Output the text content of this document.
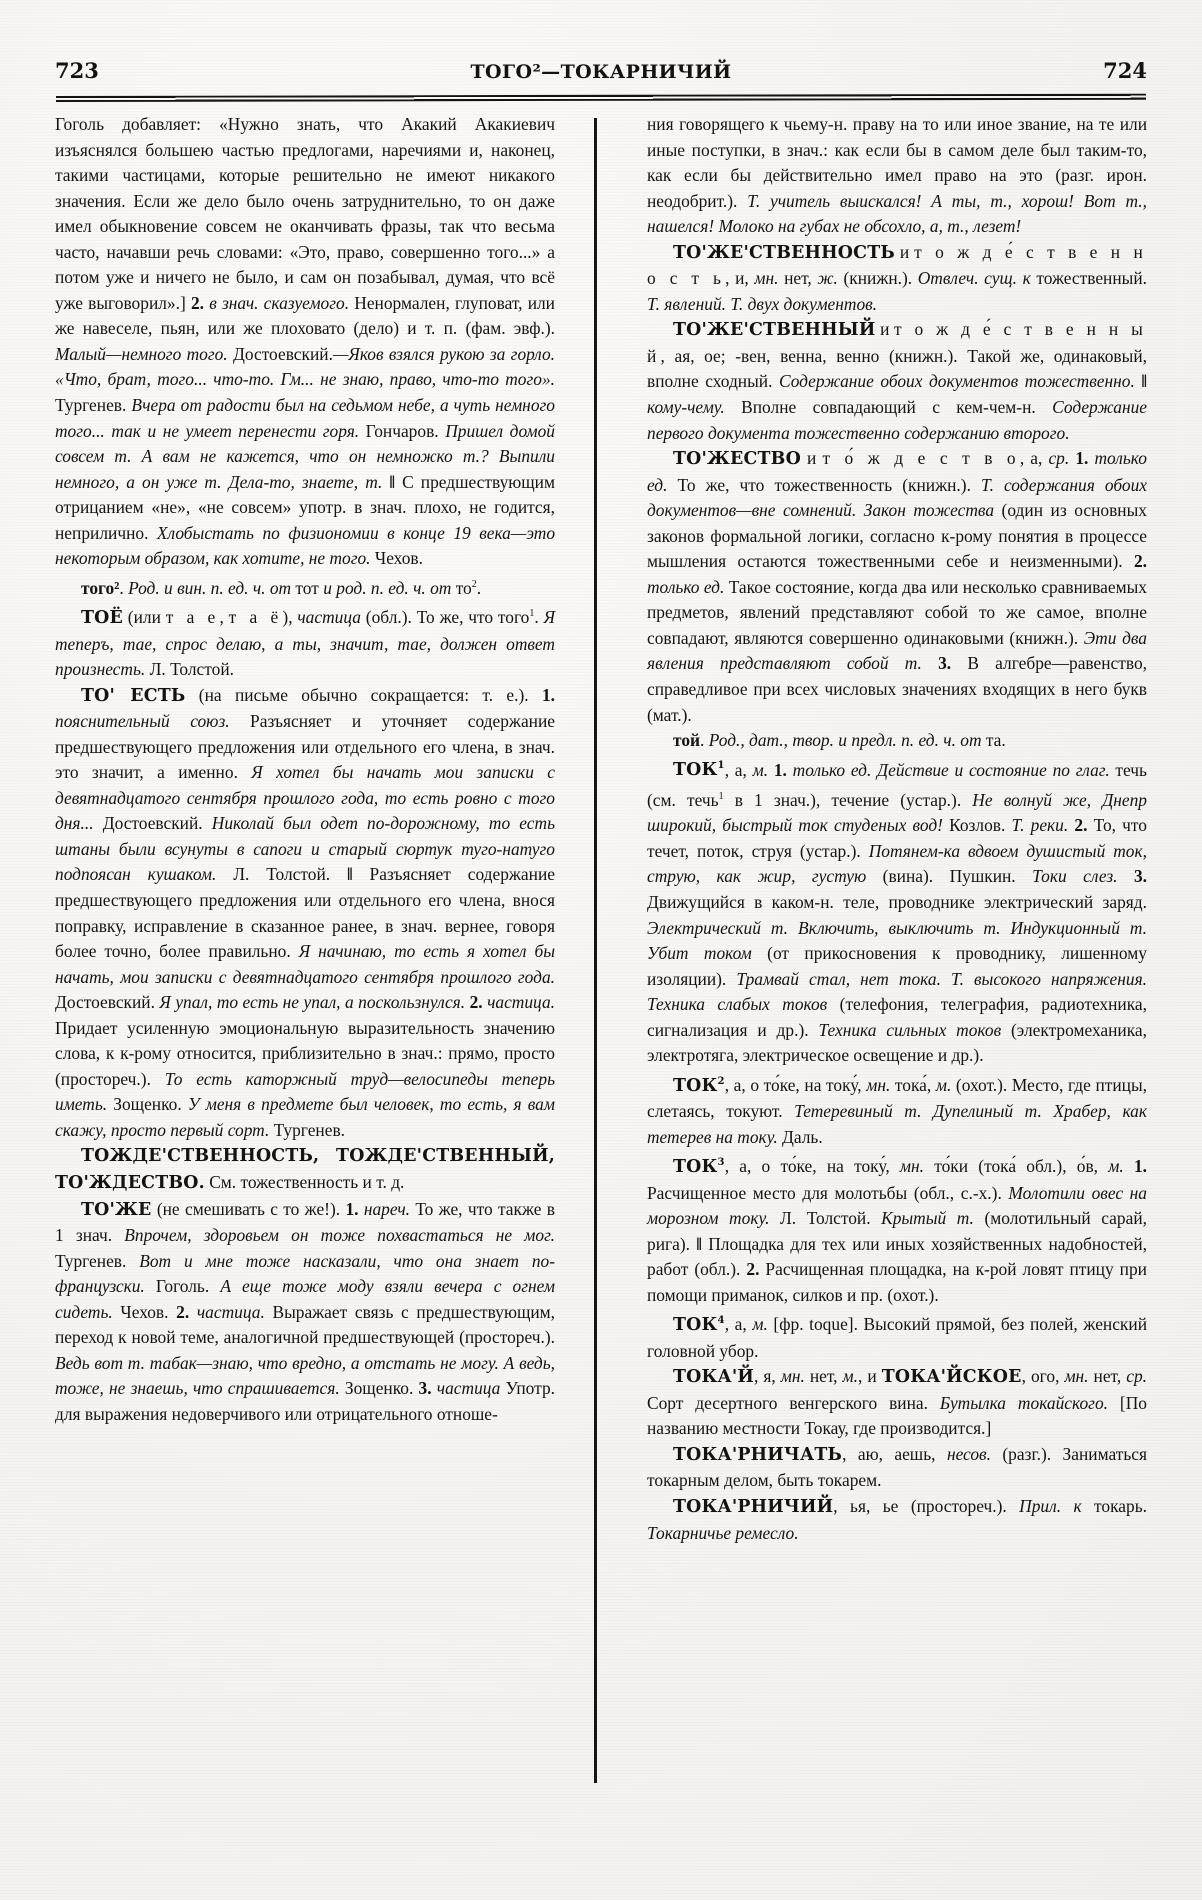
723	ТОГО²—ТОКАРНИЧИЙ	724

Гоголь добавляет: «Нужно знать, что Акакий Акакиевич изъяснялся большею частью предлогами, наречиями и, наконец, такими частицами, которые решительно не имеют никакого значения. Если же дело было очень затруднительно, то он даже имел обыкновение совсем не оканчивать фразы, так что весьма часто, начавши речь словами: «Это, право, совершенно того...» а потом уже и ничего не было, и сам он позабывал, думая, что всё уже выговорил».] 2. в знач. сказуемого. Ненормален, глуповат, или же навеселе, пьян, или же плоховато (дело) и т. п. (фам. эвф.). Малый—немного того. Достоевский.—Яков взялся рукою за горло. «Что, брат, того... что-то. Гм... не знаю, право, что-то того». Тургенев. Вчера от радости был на седьмом небе, а чуть немного того... так и не умеет перенести горя. Гончаров. Пришел домой совсем т. А вам не кажется, что он немножко т.? Выпили немного, а он уже т. Дела-то, знаете, т. ‖ С предшествующим отрицанием «не», «не совсем» употр. в знач. плохо, не годится, неприлично. Хлобыстать по физиономии в конце 19 века—это некоторым образом, как хотите, не того. Чехов.

того². Род. и вин. п. ед. ч. от тот и род. п. ед. ч. от $то^2$.

ТОЁ (или т а е, т а ё), частица (обл.). То же, что того$^1$. Я теперъ, тае, спрос делаю, а ты, значит, тае, должен ответ произнесть. Л. Толстой.

ТО' ЕСТЬ (на письме обычно сокращается: т. е.). 1. пояснительный союз. Разъясняет и уточняет содержание предшествующего предложения или отдельного его члена, в знач. это значит, а именно. Я хотел бы начать мои записки с девятнадцатого сентября прошлого года, то есть ровно с того дня... Достоевский. Николай был одет по-дорожному, то есть штаны были всунуты в сапоги и старый сюртук туго-натуго подпоясан кушаком. Л. Толстой. ‖ Разъясняет содержание предшествующего предложения или отдельного его члена, внося поправку, исправление в сказанное ранее, в знач. вернее, говоря более точно, более правильно. Я начинаю, то есть я хотел бы начать, мои записки с девятнадцатого сентября прошлого года. Достоевский. Я упал, то есть не упал, а поскользнулся. 2. частица. Придает усиленную эмоциональную выразительность значению слова, к к-рому относится, приблизительно в знач.: прямо, просто (простореч.). То есть каторжный труд—велосипеды теперь иметь. Зощенко. У меня в предмете был человек, то есть, я вам скажу, просто первый сорт. Тургенев.

ТОЖДЕ'СТВЕННОСТЬ, ТОЖДЕ'СТВЕННЫЙ, ТО'ЖДЕСТВО. См. тожественность и т. д.

ТО'ЖЕ (не смешивать с то же!). 1. нареч. То же, что также в 1 знач. Впрочем, здоровьем он тоже похвастаться не мог. Тургенев. Вот и мне тоже насказали, что она знает по-французски. Гоголь. А еще тоже моду взяли вечера с огнем сидеть. Чехов. 2. частица. Выражает связь с предшествующим, переход к новой теме, аналогичной предшествующей (простореч.). Ведь вот т. табак—знаю, что вредно, а отстать не могу. А ведь, тоже, не знаешь, что спрашивается. Зощенко. 3. частица Употр. для выражения недоверчивого или отрицательного отноше-

ния говорящего к чьему-н. праву на то или иное звание, на те или иные поступки, в знач.: как если бы в самом деле был таким-то, как если бы действительно имел право на это (разг. ирон. неодобрит.). Т. учитель выискался! А ты, т., хорош! Вот т., нашелся! Молоко на губах не обсохло, а, т., лезет!

ТО'ЖЕ'СТВЕННОСТЬ и т о ж д е́ с т в е н н о с т ь, и, мн. нет, ж. (книжн.). Отвлеч. сущ. к тожественный. Т. явлений. Т. двух документов.

ТО'ЖЕ'СТВЕННЫЙ и т о ж д е́ с т в е н н ы й, ая, ое; -вен, венна, венно (книжн.). Такой же, одинаковый, вполне сходный. Содержание обоих документов тожественно. ‖ кому-чему. Вполне совпадающий с кем-чем-н. Содержание первого документа тожественно содержанию второго.

ТО'ЖЕСТВО и т о́ ж д е с т в о, а, ср. 1. только ед. То же, что тожественность (книжн.). Т. содержания обоих документов—вне сомнений. Закон тожества (один из основных законов формальной логики, согласно к-рому понятия в процессе мышления остаются тожественными себе и неизменными). 2. только ед. Такое состояние, когда два или несколько сравниваемых предметов, явлений представляют собой то же самое, вполне совпадают, являются совершенно одинаковыми (книжн.). Эти два явления представляют собой т. 3. В алгебре—равенство, справедливое при всех числовых значениях входящих в него букв (мат.).

той. Род., дат., твор. и предл. п. ед. ч. от та.

ТОК$^1$, а, м. 1. только ед. Действие и состояние по глаг. течь (см. течь$^1$ в 1 знач.), течение (устар.). Не волнуй же, Днепр широкий, быстрый ток студеных вод! Козлов. Т. реки. 2. То, что течет, поток, струя (устар.). Потянем-ка вдвоем душистый ток, струю, как жир, густую (вина). Пушкин. Токи слез. 3. Движущийся в каком-н. теле, проводнике электрический заряд. Электрический т. Включить, выключить т. Индукционный т. Убит током (от прикосновения к проводнику, лишенному изоляции). Трамвай стал, нет тока. Т. высокого напряжения. Техника слабых токов (телефония, телеграфия, радиотехника, сигнализация и др.). Техника сильных токов (электромеханика, электротяга, электрическое освещение и др.).

ТОК$^2$, а, о то́ке, на току́, мн. тока́, м. (охот.). Место, где птицы, слетаясь, токуют. Тетеревиный т. Дупелиный т. Храбер, как тетерев на току. Даль.

ТОК$^3$, а, о то́ке, на току́, мн. то́ки (тока́ обл.), о́в, м. 1. Расчищенное место для молотьбы (обл., с.-х.). Молотили овес на морозном току. Л. Толстой. Крытый т. (молотильный сарай, рига). ‖ Площадка для тех или иных хозяйственных надобностей, работ (обл.). 2. Расчищенная площадка, на к-рой ловят птицу при помощи приманок, силков и пр. (охот.).

ТОК$^4$, а, м. [фр. toque]. Высокий прямой, без полей, женский головной убор.

ТОКА'Й, я, мн. нет, м., и ТОКА'ЙСКОЕ, ого, мн. нет, ср. Сорт десертного венгерского вина. Бутылка токайского. [По названию местности Токау, где производится.]

ТОКА'РНИЧАТЬ, аю, аешь, несов. (разг.). Заниматься токарным делом, быть токарем.

ТОКА'РНИЧИЙ, ья, ье (простореч.). Прил. к токарь. Токарничье ремесло.
